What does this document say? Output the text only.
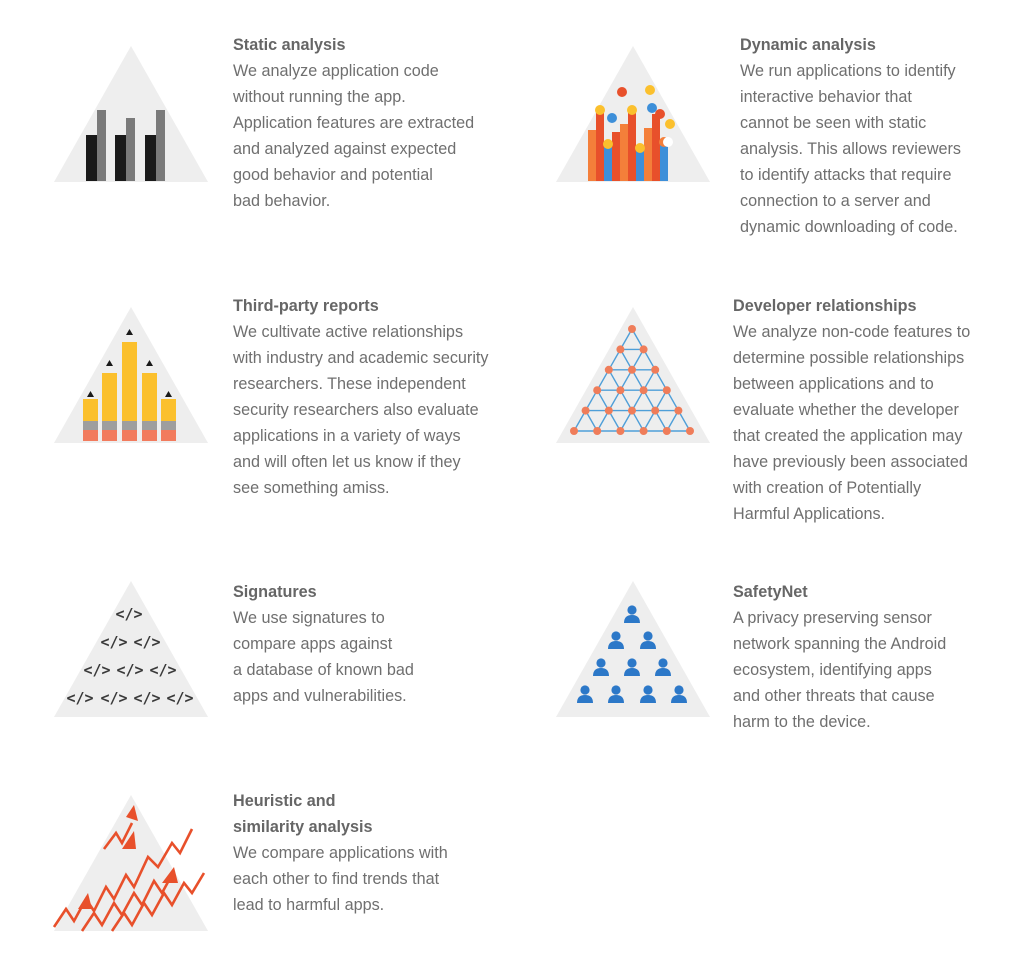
Static analysis

We analyze application code
without running the app.
Application features are extracted
and analyzed against expected
good behavior and potential
bad behavior.

Dynamic analysis

We run applications to identify
interactive behavior that
cannot be seen with static
analysis. This allows reviewers
to identify attacks that require
connection to a server and
dynamic downloading of code.

Third-party reports

We cultivate active relationships
with industry and academic security
researchers. These independent
security researchers also evaluate
applications in a variety of ways
and will often let us know if they
see something amiss.

Developer relationships

We analyze non-code features to
determine possible relationships
between applications and to
evaluate whether the developer
that created the application may
have previously been associated
with creation of Potentially
Harmful Applications.

</>
</> </>
</> </> </>
</> </> </> </>

Signatures

We use signatures to
compare apps against
a database of known bad
apps and vulnerabilities.

SafetyNet

A privacy preserving sensor
network spanning the Android
ecosystem, identifying apps
and other threats that cause
harm to the device.

Heuristic and
similarity analysis

We compare applications with
each other to find trends that
lead to harmful apps.
